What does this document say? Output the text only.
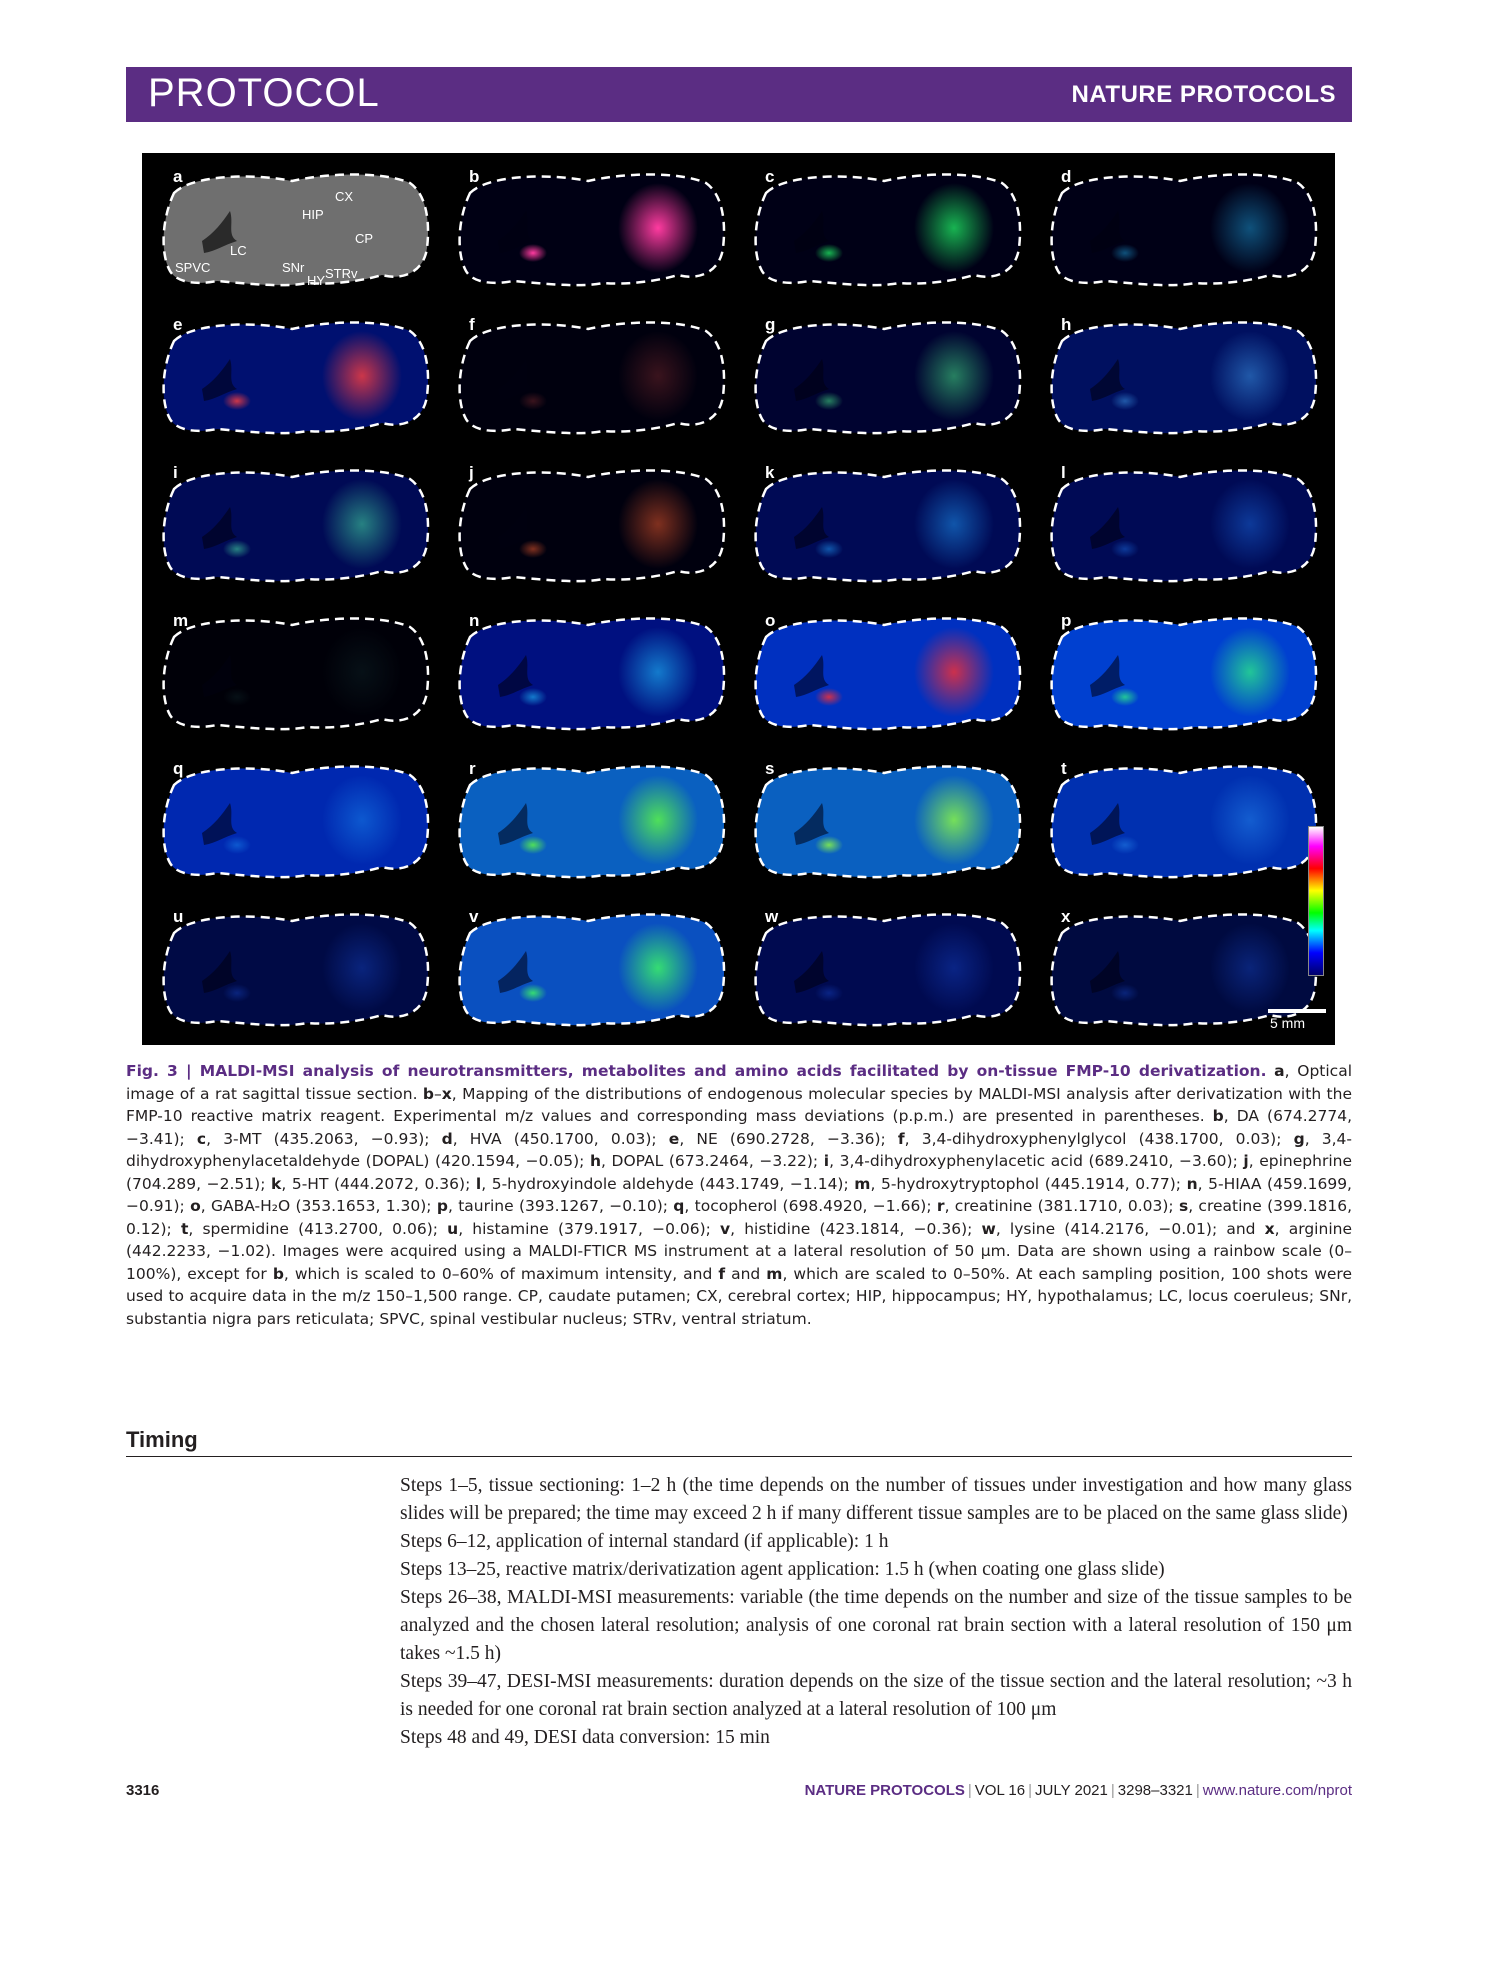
PROTOCOL	NATURE PROTOCOLS
a	b	c	d
e	f	g	h
i	j	k	l
m	n	o	p
q	r	s	t
u	v	w	x
CX
HIP
CP
LC
SPVC	SNr
HY STRv
5 mm
Fig. 3 | MALDI-MSI analysis of neurotransmitters, metabolites and amino acids facilitated by on-tissue FMP-10 derivatization. a, Optical image of a rat sagittal tissue section. b–x, Mapping of the distributions of endogenous molecular species by MALDI-MSI analysis after derivatization with the FMP-10 reactive matrix reagent. Experimental m/z values and corresponding mass deviations (p.p.m.) are presented in parentheses. b, DA (674.2774, −3.41); c, 3-MT (435.2063, −0.93); d, HVA (450.1700, 0.03); e, NE (690.2728, −3.36); f, 3,4-dihydroxyphenylglycol (438.1700, 0.03); g, 3,4-dihydroxyphenylacetaldehyde (DOPAL) (420.1594, −0.05); h, DOPAL (673.2464, −3.22); i, 3,4-dihydroxyphenylacetic acid (689.2410, −3.60); j, epinephrine (704.289, −2.51); k, 5-HT (444.2072, 0.36); l, 5-hydroxyindole aldehyde (443.1749, −1.14); m, 5-hydroxytryptophol (445.1914, 0.77); n, 5-HIAA (459.1699, −0.91); o, GABA-H₂O (353.1653, 1.30); p, taurine (393.1267, −0.10); q, tocopherol (698.4920, −1.66); r, creatinine (381.1710, 0.03); s, creatine (399.1816, 0.12); t, spermidine (413.2700, 0.06); u, histamine (379.1917, −0.06); v, histidine (423.1814, −0.36); w, lysine (414.2176, −0.01); and x, arginine (442.2233, −1.02). Images were acquired using a MALDI-FTICR MS instrument at a lateral resolution of 50 μm. Data are shown using a rainbow scale (0–100%), except for b, which is scaled to 0–60% of maximum intensity, and f and m, which are scaled to 0–50%. At each sampling position, 100 shots were used to acquire data in the m/z 150–1,500 range. CP, caudate putamen; CX, cerebral cortex; HIP, hippocampus; HY, hypothalamus; LC, locus coeruleus; SNr, substantia nigra pars reticulata; SPVC, spinal vestibular nucleus; STRv, ventral striatum.
Timing
Steps 1–5, tissue sectioning: 1–2 h (the time depends on the number of tissues under investigation and how many glass slides will be prepared; the time may exceed 2 h if many different tissue samples are to be placed on the same glass slide)
Steps 6–12, application of internal standard (if applicable): 1 h
Steps 13–25, reactive matrix/derivatization agent application: 1.5 h (when coating one glass slide)
Steps 26–38, MALDI-MSI measurements: variable (the time depends on the number and size of the tissue samples to be analyzed and the chosen lateral resolution; analysis of one coronal rat brain section with a lateral resolution of 150 μm takes ~1.5 h)
Steps 39–47, DESI-MSI measurements: duration depends on the size of the tissue section and the lateral resolution; ~3 h is needed for one coronal rat brain section analyzed at a lateral resolution of 100 μm
Steps 48 and 49, DESI data conversion: 15 min
3316	NATURE PROTOCOLS | VOL 16 | JULY 2021 | 3298–3321 | www.nature.com/nprot
